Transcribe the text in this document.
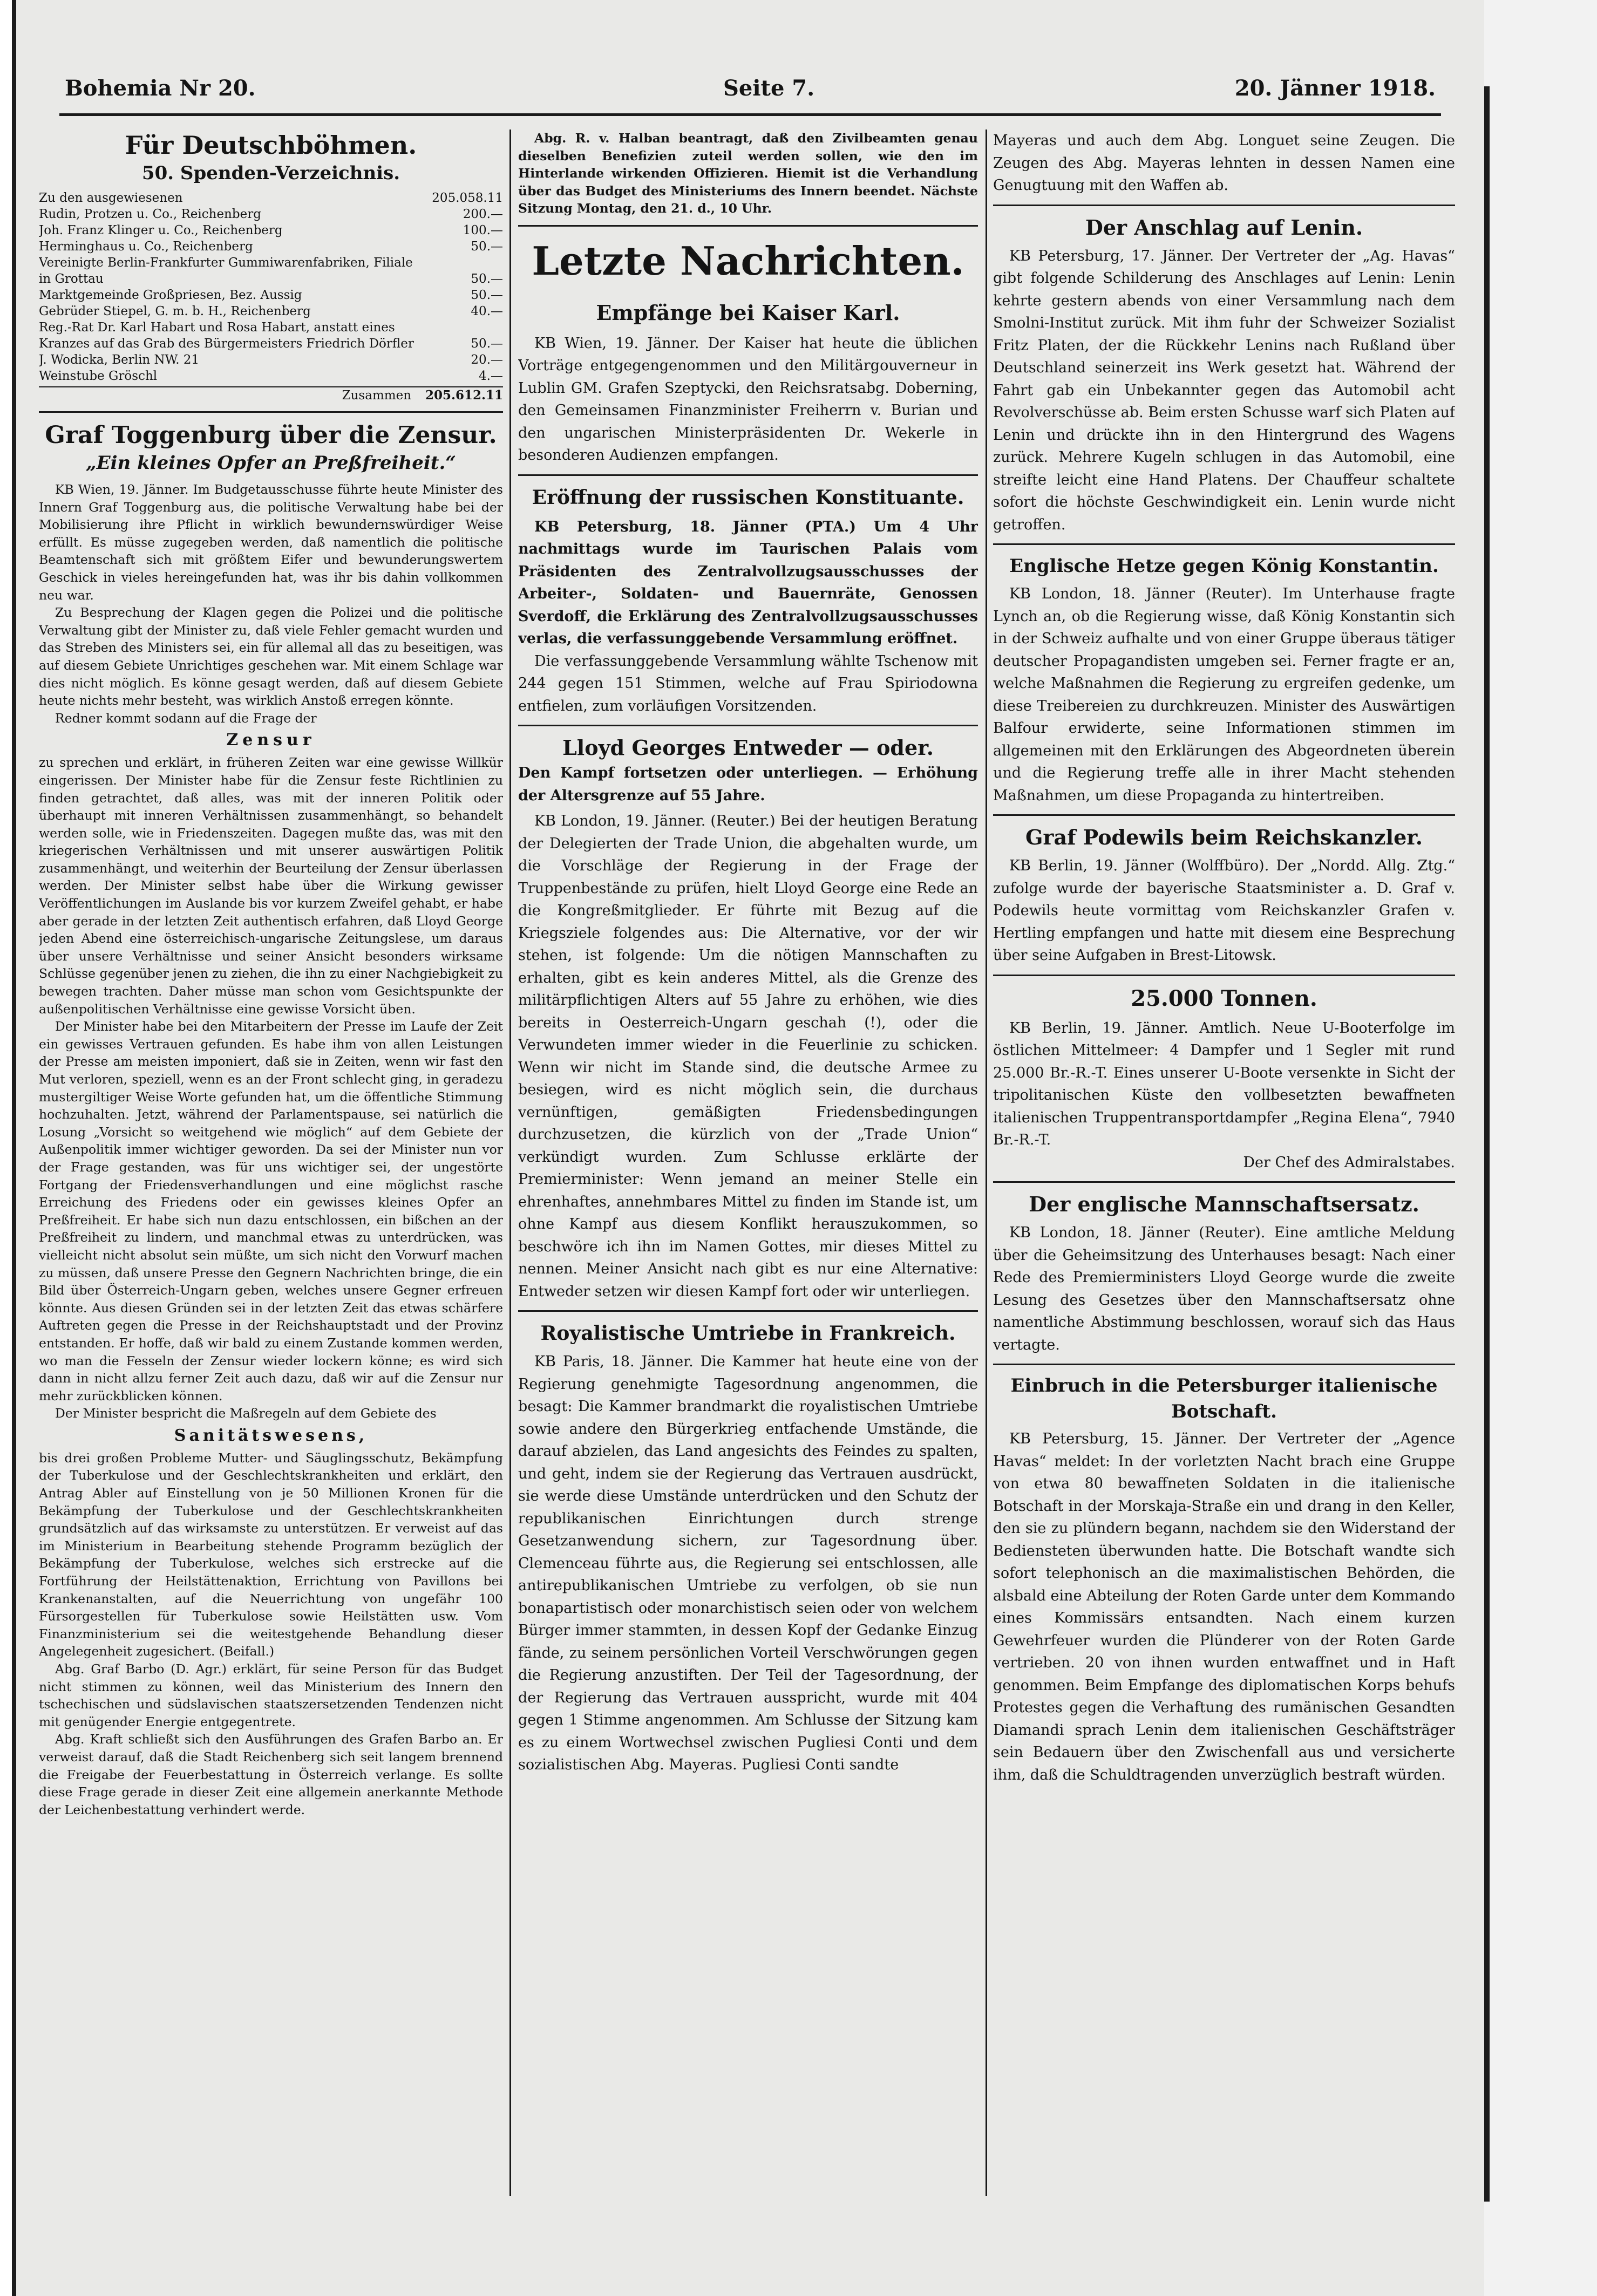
Bohemia Nr 20.	Seite 7.	20. Jänner 1918.

Für Deutschböhmen.

50. Spenden-Verzeichnis.

Zu den ausgewiesenen	205.058.11
Rudin, Protzen u. Co., Reichenberg	200.—
Joh. Franz Klinger u. Co., Reichenberg	100.—
Herminghaus u. Co., Reichenberg	50.—
Vereinigte Berlin-Frankfurter Gummiwarenfabriken, Filiale in Grottau	50.—
Marktgemeinde Großpriesen, Bez. Aussig	50.—
Gebrüder Stiepel, G. m. b. H., Reichenberg	40.—
Reg.-Rat Dr. Karl Habart und Rosa Habart, anstatt eines Kranzes auf das Grab des Bürgermeisters Friedrich Dörfler	50.—
J. Wodicka, Berlin NW. 21	20.—
Weinstube Gröschl	4.—
Zusammen	205.612.11

Graf Toggenburg über die Zensur.

„Ein kleines Opfer an Preßfreiheit.“

KB Wien, 19. Jänner. Im Budgetausschusse führte heute Minister des Innern Graf Toggenburg aus, die politische Verwaltung habe bei der Mobilisierung ihre Pflicht in wirklich bewundernswürdiger Weise erfüllt. Es müsse zugegeben werden, daß namentlich die politische Beamtenschaft sich mit größtem Eifer und bewunderungswertem Geschick in vieles hereingefunden hat, was ihr bis dahin vollkommen neu war.

Zu Besprechung der Klagen gegen die Polizei und die politische Verwaltung gibt der Minister zu, daß viele Fehler gemacht wurden und das Streben des Ministers sei, ein für allemal all das zu beseitigen, was auf diesem Gebiete Unrichtiges geschehen war. Mit einem Schlage war dies nicht möglich. Es könne gesagt werden, daß auf diesem Gebiete heute nichts mehr besteht, was wirklich Anstoß erregen könnte.

Redner kommt sodann auf die Frage der

Zensur

zu sprechen und erklärt, in früheren Zeiten war eine gewisse Willkür eingerissen. Der Minister habe für die Zensur feste Richtlinien zu finden getrachtet, daß alles, was mit der inneren Politik oder überhaupt mit inneren Verhältnissen zusammenhängt, so behandelt werden solle, wie in Friedenszeiten. Dagegen mußte das, was mit den kriegerischen Verhältnissen und mit unserer auswärtigen Politik zusammenhängt, und weiterhin der Beurteilung der Zensur überlassen werden. Der Minister selbst habe über die Wirkung gewisser Veröffentlichungen im Auslande bis vor kurzem Zweifel gehabt, er habe aber gerade in der letzten Zeit authentisch erfahren, daß Lloyd George jeden Abend eine österreichisch-ungarische Zeitungslese, um daraus über unsere Verhältnisse und seiner Ansicht besonders wirksame Schlüsse gegenüber jenen zu ziehen, die ihn zu einer Nachgiebigkeit zu bewegen trachten. Daher müsse man schon vom Gesichtspunkte der außenpolitischen Verhältnisse eine gewisse Vorsicht üben.

Der Minister habe bei den Mitarbeitern der Presse im Laufe der Zeit ein gewisses Vertrauen gefunden. Es habe ihm von allen Leistungen der Presse am meisten imponiert, daß sie in Zeiten, wenn wir fast den Mut verloren, speziell, wenn es an der Front schlecht ging, in geradezu mustergiltiger Weise Worte gefunden hat, um die öffentliche Stimmung hochzuhalten. Jetzt, während der Parlamentspause, sei natürlich die Losung „Vorsicht so weitgehend wie möglich“ auf dem Gebiete der Außenpolitik immer wichtiger geworden. Da sei der Minister nun vor der Frage gestanden, was für uns wichtiger sei, der ungestörte Fortgang der Friedensverhandlungen und eine möglichst rasche Erreichung des Friedens oder ein gewisses kleines Opfer an Preßfreiheit. Er habe sich nun dazu entschlossen, ein bißchen an der Preßfreiheit zu lindern, und manchmal etwas zu unterdrücken, was vielleicht nicht absolut sein müßte, um sich nicht den Vorwurf machen zu müssen, daß unsere Presse den Gegnern Nachrichten bringe, die ein Bild über Österreich-Ungarn geben, welches unsere Gegner erfreuen könnte. Aus diesen Gründen sei in der letzten Zeit das etwas schärfere Auftreten gegen die Presse in der Reichshauptstadt und der Provinz entstanden. Er hoffe, daß wir bald zu einem Zustande kommen werden, wo man die Fesseln der Zensur wieder lockern könne; es wird sich dann in nicht allzu ferner Zeit auch dazu, daß wir auf die Zensur nur mehr zurückblicken können.

Der Minister bespricht die Maßregeln auf dem Gebiete des

Sanitätswesens,

bis drei großen Probleme Mutter- und Säuglingsschutz, Bekämpfung der Tuberkulose und der Geschlechtskrankheiten und erklärt, den Antrag Abler auf Einstellung von je 50 Millionen Kronen für die Bekämpfung der Tuberkulose und der Geschlechtskrankheiten grundsätzlich auf das wirksamste zu unterstützen. Er verweist auf das im Ministerium in Bearbeitung stehende Programm bezüglich der Bekämpfung der Tuberkulose, welches sich erstrecke auf die Fortführung der Heilstättenaktion, Errichtung von Pavillons bei Krankenanstalten, auf die Neuerrichtung von ungefähr 100 Fürsorgestellen für Tuberkulose sowie Heilstätten usw. Vom Finanzministerium sei die weitestgehende Behandlung dieser Angelegenheit zugesichert. (Beifall.)

Abg. Graf Barbo (D. Agr.) erklärt, für seine Person für das Budget nicht stimmen zu können, weil das Ministerium des Innern den tschechischen und südslavischen staatszersetzenden Tendenzen nicht mit genügender Energie entgegentrete.

Abg. Kraft schließt sich den Ausführungen des Grafen Barbo an. Er verweist darauf, daß die Stadt Reichenberg sich seit langem brennend die Freigabe der Feuerbestattung in Österreich verlange. Es sollte diese Frage gerade in dieser Zeit eine allgemein anerkannte Methode der Leichenbestattung verhindert werde.

Abg. R. v. Halban beantragt, daß den Zivilbeamten genau dieselben Benefizien zuteil werden sollen, wie den im Hinterlande wirkenden Offizieren. Hiemit ist die Verhandlung über das Budget des Ministeriums des Innern beendet. Nächste Sitzung Montag, den 21. d., 10 Uhr.

Letzte Nachrichten.

Empfänge bei Kaiser Karl.

KB Wien, 19. Jänner. Der Kaiser hat heute die üblichen Vorträge entgegengenommen und den Militärgouverneur in Lublin GM. Grafen Szeptycki, den Reichsratsabg. Doberning, den Gemeinsamen Finanzminister Freiherrn v. Burian und den ungarischen Ministerpräsidenten Dr. Wekerle in besonderen Audienzen empfangen.

Eröffnung der russischen Konstituante.

KB Petersburg, 18. Jänner (PTA.) Um 4 Uhr nachmittags wurde im Taurischen Palais vom Präsidenten des Zentralvollzugsausschusses der Arbeiter-, Soldaten- und Bauernräte, Genossen Sverdoff, die Erklärung des Zentralvollzugsausschusses verlas, die verfassunggebende Versammlung eröffnet.

Die verfassunggebende Versammlung wählte Tschenow mit 244 gegen 151 Stimmen, welche auf Frau Spiriodowna entfielen, zum vorläufigen Vorsitzenden.

Lloyd Georges Entweder — oder.

Den Kampf fortsetzen oder unterliegen. — Erhöhung der Altersgrenze auf 55 Jahre.

KB London, 19. Jänner. (Reuter.) Bei der heutigen Beratung der Delegierten der Trade Union, die abgehalten wurde, um die Vorschläge der Regierung in der Frage der Truppenbestände zu prüfen, hielt Lloyd George eine Rede an die Kongreßmitglieder. Er führte mit Bezug auf die Kriegsziele folgendes aus: Die Alternative, vor der wir stehen, ist folgende: Um die nötigen Mannschaften zu erhalten, gibt es kein anderes Mittel, als die Grenze des militärpflichtigen Alters auf 55 Jahre zu erhöhen, wie dies bereits in Oesterreich-Ungarn geschah (!), oder die Verwundeten immer wieder in die Feuerlinie zu schicken. Wenn wir nicht im Stande sind, die deutsche Armee zu besiegen, wird es nicht möglich sein, die durchaus vernünftigen, gemäßigten Friedensbedingungen durchzusetzen, die kürzlich von der „Trade Union“ verkündigt wurden. Zum Schlusse erklärte der Premierminister: Wenn jemand an meiner Stelle ein ehrenhaftes, annehmbares Mittel zu finden im Stande ist, um ohne Kampf aus diesem Konflikt herauszukommen, so beschwöre ich ihn im Namen Gottes, mir dieses Mittel zu nennen. Meiner Ansicht nach gibt es nur eine Alternative: Entweder setzen wir diesen Kampf fort oder wir unterliegen.

Royalistische Umtriebe in Frankreich.

KB Paris, 18. Jänner. Die Kammer hat heute eine von der Regierung genehmigte Tagesordnung angenommen, die besagt: Die Kammer brandmarkt die royalistischen Umtriebe sowie andere den Bürgerkrieg entfachende Umstände, die darauf abzielen, das Land angesichts des Feindes zu spalten, und geht, indem sie der Regierung das Vertrauen ausdrückt, sie werde diese Umstände unterdrücken und den Schutz der republikanischen Einrichtungen durch strenge Gesetzanwendung sichern, zur Tagesordnung über. Clemenceau führte aus, die Regierung sei entschlossen, alle antirepublikanischen Umtriebe zu verfolgen, ob sie nun bonapartistisch oder monarchistisch seien oder von welchem Bürger immer stammten, in dessen Kopf der Gedanke Einzug fände, zu seinem persönlichen Vorteil Verschwörungen gegen die Regierung anzustiften. Der Teil der Tagesordnung, der der Regierung das Vertrauen ausspricht, wurde mit 404 gegen 1 Stimme angenommen. Am Schlusse der Sitzung kam es zu einem Wortwechsel zwischen Pugliesi Conti und dem sozialistischen Abg. Mayeras. Pugliesi Conti sandte

Mayeras und auch dem Abg. Longuet seine Zeugen. Die Zeugen des Abg. Mayeras lehnten in dessen Namen eine Genugtuung mit den Waffen ab.

Der Anschlag auf Lenin.

KB Petersburg, 17. Jänner. Der Vertreter der „Ag. Havas“ gibt folgende Schilderung des Anschlages auf Lenin: Lenin kehrte gestern abends von einer Versammlung nach dem Smolni-Institut zurück. Mit ihm fuhr der Schweizer Sozialist Fritz Platen, der die Rückkehr Lenins nach Rußland über Deutschland seinerzeit ins Werk gesetzt hat. Während der Fahrt gab ein Unbekannter gegen das Automobil acht Revolverschüsse ab. Beim ersten Schusse warf sich Platen auf Lenin und drückte ihn in den Hintergrund des Wagens zurück. Mehrere Kugeln schlugen in das Automobil, eine streifte leicht eine Hand Platens. Der Chauffeur schaltete sofort die höchste Geschwindigkeit ein. Lenin wurde nicht getroffen.

Englische Hetze gegen König Konstantin.

KB London, 18. Jänner (Reuter). Im Unterhause fragte Lynch an, ob die Regierung wisse, daß König Konstantin sich in der Schweiz aufhalte und von einer Gruppe überaus tätiger deutscher Propagandisten umgeben sei. Ferner fragte er an, welche Maßnahmen die Regierung zu ergreifen gedenke, um diese Treibereien zu durchkreuzen. Minister des Auswärtigen Balfour erwiderte, seine Informationen stimmen im allgemeinen mit den Erklärungen des Abgeordneten überein und die Regierung treffe alle in ihrer Macht stehenden Maßnahmen, um diese Propaganda zu hintertreiben.

Graf Podewils beim Reichskanzler.

KB Berlin, 19. Jänner (Wolffbüro). Der „Nordd. Allg. Ztg.“ zufolge wurde der bayerische Staatsminister a. D. Graf v. Podewils heute vormittag vom Reichskanzler Grafen v. Hertling empfangen und hatte mit diesem eine Besprechung über seine Aufgaben in Brest-Litowsk.

25.000 Tonnen.

KB Berlin, 19. Jänner. Amtlich. Neue U-Booterfolge im östlichen Mittelmeer: 4 Dampfer und 1 Segler mit rund 25.000 Br.-R.-T. Eines unserer U-Boote versenkte in Sicht der tripolitanischen Küste den vollbesetzten bewaffneten italienischen Truppentransportdampfer „Regina Elena“, 7940 Br.-R.-T.

Der Chef des Admiralstabes.

Der englische Mannschaftsersatz.

KB London, 18. Jänner (Reuter). Eine amtliche Meldung über die Geheimsitzung des Unterhauses besagt: Nach einer Rede des Premierministers Lloyd George wurde die zweite Lesung des Gesetzes über den Mannschaftsersatz ohne namentliche Abstimmung beschlossen, worauf sich das Haus vertagte.

Einbruch in die Petersburger italienische Botschaft.

KB Petersburg, 15. Jänner. Der Vertreter der „Agence Havas“ meldet: In der vorletzten Nacht brach eine Gruppe von etwa 80 bewaffneten Soldaten in die italienische Botschaft in der Morskaja-Straße ein und drang in den Keller, den sie zu plündern begann, nachdem sie den Widerstand der Bediensteten überwunden hatte. Die Botschaft wandte sich sofort telephonisch an die maximalistischen Behörden, die alsbald eine Abteilung der Roten Garde unter dem Kommando eines Kommissärs entsandten. Nach einem kurzen Gewehrfeuer wurden die Plünderer von der Roten Garde vertrieben. 20 von ihnen wurden entwaffnet und in Haft genommen. Beim Empfange des diplomatischen Korps behufs Protestes gegen die Verhaftung des rumänischen Gesandten Diamandi sprach Lenin dem italienischen Geschäftsträger sein Bedauern über den Zwischenfall aus und versicherte ihm, daß die Schuldtragenden unverzüglich bestraft würden.
